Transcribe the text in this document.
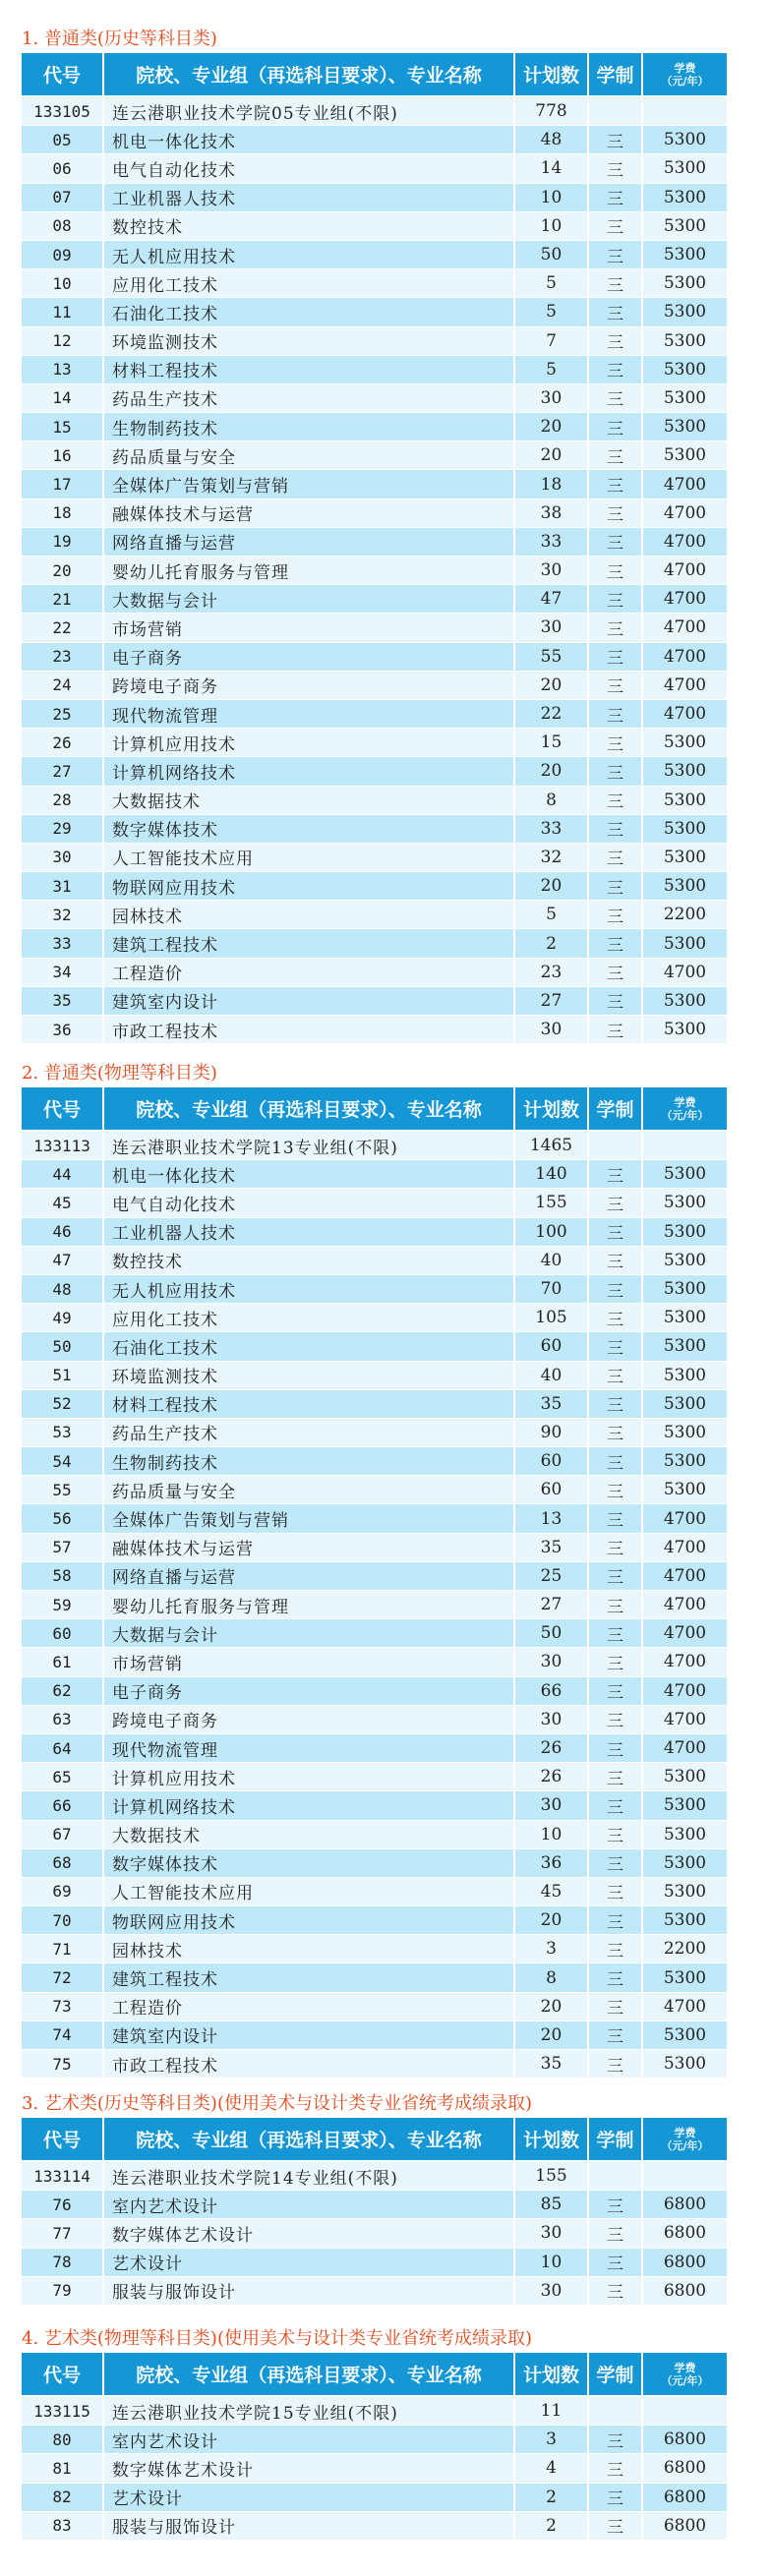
1. 普通类(历史等科目类)

代号	院校、专业组（再选科目要求）、专业名称	计划数	学制	学费
（元/年）

133105	连云港职业技术学院05专业组(不限)	778		
05	机电一体化技术	48	三	5300
06	电气自动化技术	14	三	5300
07	工业机器人技术	10	三	5300
08	数控技术	10	三	5300
09	无人机应用技术	50	三	5300
10	应用化工技术	5	三	5300
11	石油化工技术	5	三	5300
12	环境监测技术	7	三	5300
13	材料工程技术	5	三	5300
14	药品生产技术	30	三	5300
15	生物制药技术	20	三	5300
16	药品质量与安全	20	三	5300
17	全媒体广告策划与营销	18	三	4700
18	融媒体技术与运营	38	三	4700
19	网络直播与运营	33	三	4700
20	婴幼儿托育服务与管理	30	三	4700
21	大数据与会计	47	三	4700
22	市场营销	30	三	4700
23	电子商务	55	三	4700
24	跨境电子商务	20	三	4700
25	现代物流管理	22	三	4700
26	计算机应用技术	15	三	5300
27	计算机网络技术	20	三	5300
28	大数据技术	8	三	5300
29	数字媒体技术	33	三	5300
30	人工智能技术应用	32	三	5300
31	物联网应用技术	20	三	5300
32	园林技术	5	三	2200
33	建筑工程技术	2	三	5300
34	工程造价	23	三	4700
35	建筑室内设计	27	三	5300
36	市政工程技术	30	三	5300

2. 普通类(物理等科目类)

代号	院校、专业组（再选科目要求）、专业名称	计划数	学制	学费
（元/年）

133113	连云港职业技术学院13专业组(不限)	1465		
44	机电一体化技术	140	三	5300
45	电气自动化技术	155	三	5300
46	工业机器人技术	100	三	5300
47	数控技术	40	三	5300
48	无人机应用技术	70	三	5300
49	应用化工技术	105	三	5300
50	石油化工技术	60	三	5300
51	环境监测技术	40	三	5300
52	材料工程技术	35	三	5300
53	药品生产技术	90	三	5300
54	生物制药技术	60	三	5300
55	药品质量与安全	60	三	5300
56	全媒体广告策划与营销	13	三	4700
57	融媒体技术与运营	35	三	4700
58	网络直播与运营	25	三	4700
59	婴幼儿托育服务与管理	27	三	4700
60	大数据与会计	50	三	4700
61	市场营销	30	三	4700
62	电子商务	66	三	4700
63	跨境电子商务	30	三	4700
64	现代物流管理	26	三	4700
65	计算机应用技术	26	三	5300
66	计算机网络技术	30	三	5300
67	大数据技术	10	三	5300
68	数字媒体技术	36	三	5300
69	人工智能技术应用	45	三	5300
70	物联网应用技术	20	三	5300
71	园林技术	3	三	2200
72	建筑工程技术	8	三	5300
73	工程造价	20	三	4700
74	建筑室内设计	20	三	5300
75	市政工程技术	35	三	5300

3. 艺术类(历史等科目类)(使用美术与设计类专业省统考成绩录取)

代号	院校、专业组（再选科目要求）、专业名称	计划数	学制	学费
（元/年）

133114	连云港职业技术学院14专业组(不限)	155		
76	室内艺术设计	85	三	6800
77	数字媒体艺术设计	30	三	6800
78	艺术设计	10	三	6800
79	服装与服饰设计	30	三	6800

4. 艺术类(物理等科目类)(使用美术与设计类专业省统考成绩录取)

代号	院校、专业组（再选科目要求）、专业名称	计划数	学制	学费
（元/年）

133115	连云港职业技术学院15专业组(不限)	11		
80	室内艺术设计	3	三	6800
81	数字媒体艺术设计	4	三	6800
82	艺术设计	2	三	6800
83	服装与服饰设计	2	三	6800
